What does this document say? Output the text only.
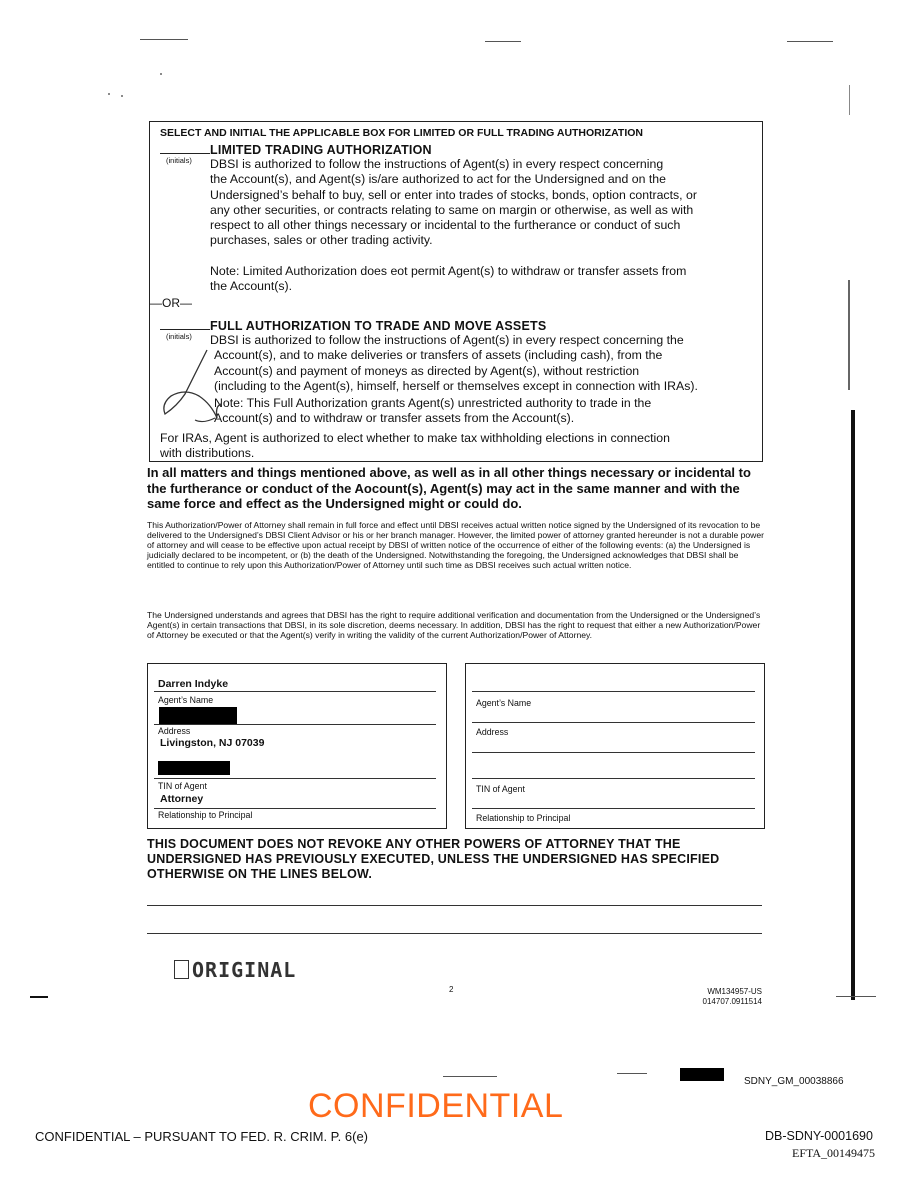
SELECT AND INITIAL THE APPLICABLE BOX FOR LIMITED OR FULL TRADING AUTHORIZATION
(initials)
LIMITED TRADING AUTHORIZATION
DBSI is authorized to follow the instructions of Agent(s) in every respect concerning
the Account(s), and Agent(s) is/are authorized to act for the Undersigned and on the
Undersigned’s behalf to buy, sell or enter into trades of stocks, bonds, option contracts, or
any other securities, or contracts relating to same on margin or otherwise, as well as with
respect to all other things necessary or incidental to the furtherance or conduct of such
purchases, sales or other trading activity.
Note: Limited Authorization does eot permit Agent(s) to withdraw or transfer assets from
the Account(s).
—OR—
(initials)
FULL AUTHORIZATION TO TRADE AND MOVE ASSETS
DBSI is authorized to follow the instructions of Agent(s) in every respect concerning the
Account(s), and to make deliveries or transfers of assets (including cash), from the
Account(s) and payment of moneys as directed by Agent(s), without restriction
(including to the Agent(s), himself, herself or themselves except in connection with IRAs).
Note: This Full Authorization grants Agent(s) unrestricted authority to trade in the
Account(s) and to withdraw or transfer assets from the Account(s).
For IRAs, Agent is authorized to elect whether to make tax withholding elections in connection
with distributions.
In all matters and things mentioned above, as well as in all other things necessary or incidental to the furtherance or conduct of the Aocount(s), Agent(s) may act in the same manner and with the same force and effect as the Undersigned might or could do.
This Authorization/Power of Attorney shall remain in full force and effect until DBSI receives actual written notice signed by the Undersigned of its revocation to be delivered to the Undersigned’s DBSI Client Advisor or his or her branch manager. However, the limited power of attorney granted hereunder is not a durable power of attorney and will cease to be effective upon actual receipt by DBSI of written notice of the occurrence of either of the following events: (a) the Undersigned is judicially declared to be incompetent, or (b) the death of the Undersigned. Notwithstanding the foregoing, the Undersigned acknowledges that DBSI shall be entitled to continue to rely upon this Authorization/Power of Attorney until such time as DBSI receives such actual written notice.
The Undersigned understands and agrees that DBSI has the right to require additional verification and documentation from the Undersigned or the Undersigned’s Agent(s) in certain transactions that DBSI, in its sole discretion, deems necessary. In addition, DBSI has the right to request that either a new Authorization/Power of Attorney be executed or that the Agent(s) verify in writing the validity of the current Authorization/Power of Attorney.
Darren Indyke
Agent’s Name
Address
Livingston, NJ 07039
TIN of Agent
Attorney
Relationship to Principal
Agent’s Name
Address
TIN of Agent
Relationship to Principal
THIS DOCUMENT DOES NOT REVOKE ANY OTHER POWERS OF ATTORNEY THAT THE UNDERSIGNED HAS PREVIOUSLY EXECUTED, UNLESS THE UNDERSIGNED HAS SPECIFIED OTHERWISE ON THE LINES BELOW.
ORIGINAL
2	WM134957-US
014707.0911514
SDNY_GM_00038866
CONFIDENTIAL
CONFIDENTIAL – PURSUANT TO FED. R. CRIM. P. 6(e)	DB-SDNY-0001690
EFTA_00149475
